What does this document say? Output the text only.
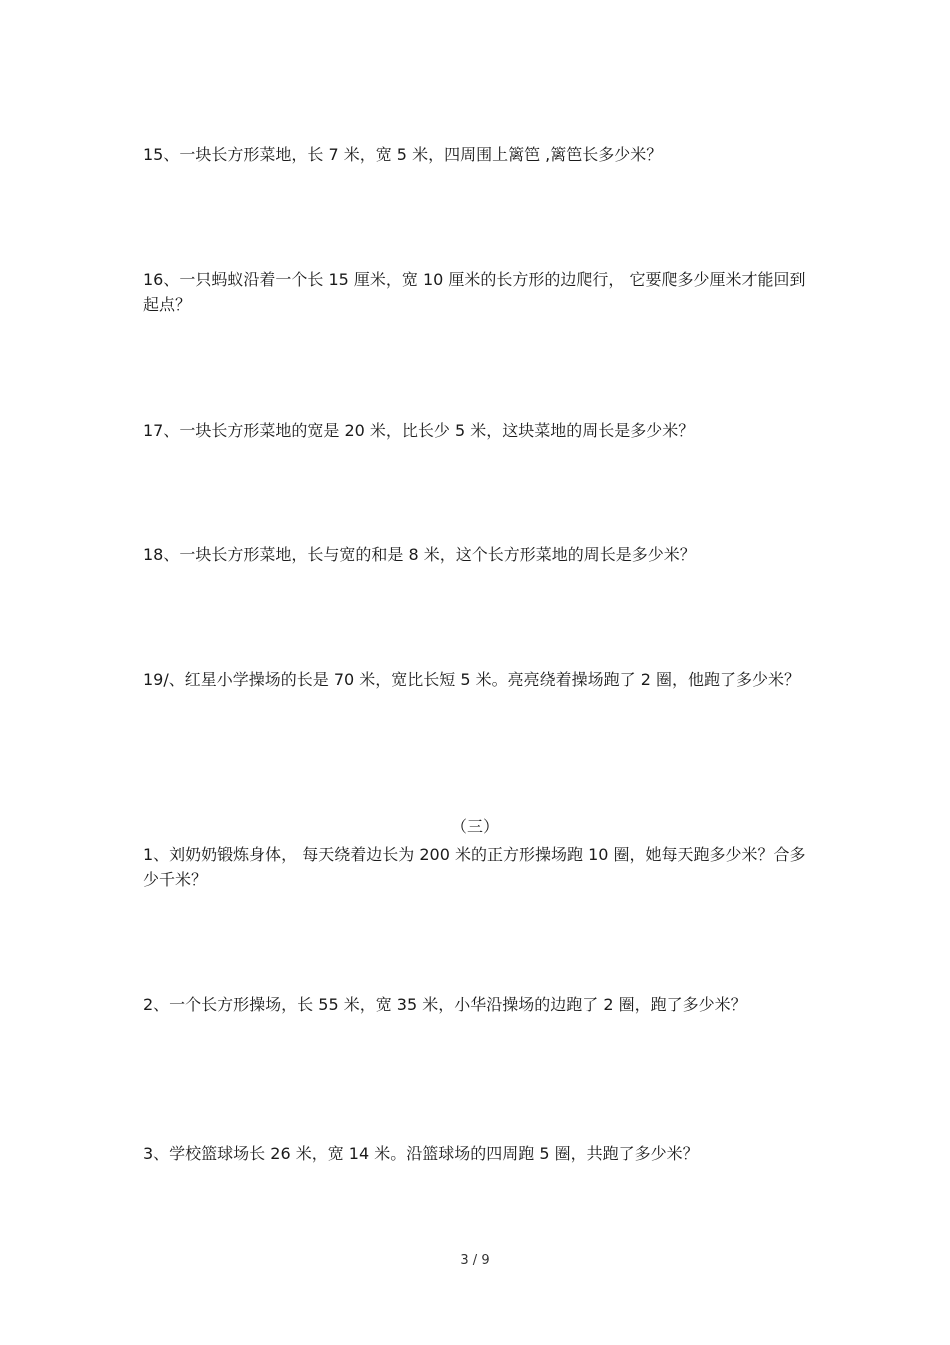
15、一块长方形菜地，长 7 米，宽 5 米，四周围上篱笆 ,篱笆长多少米？

16、一只蚂蚁沿着一个长 15 厘米，宽 10 厘米的长方形的边爬行， 它要爬多少厘米才能回到起点？

17、一块长方形菜地的宽是 20 米，比长少 5 米，这块菜地的周长是多少米？

18、一块长方形菜地，长与宽的和是 8 米，这个长方形菜地的周长是多少米？

19/、红星小学操场的长是 70 米，宽比长短 5 米。亮亮绕着操场跑了 2 圈，他跑了多少米？

（三）

1、刘奶奶锻炼身体， 每天绕着边长为 200 米的正方形操场跑 10 圈，她每天跑多少米？合多少千米？

2、一个长方形操场，长 55 米，宽 35 米，小华沿操场的边跑了 2 圈，跑了多少米？

3、学校篮球场长 26 米，宽 14 米。沿篮球场的四周跑 5 圈，共跑了多少米？

3 / 9
